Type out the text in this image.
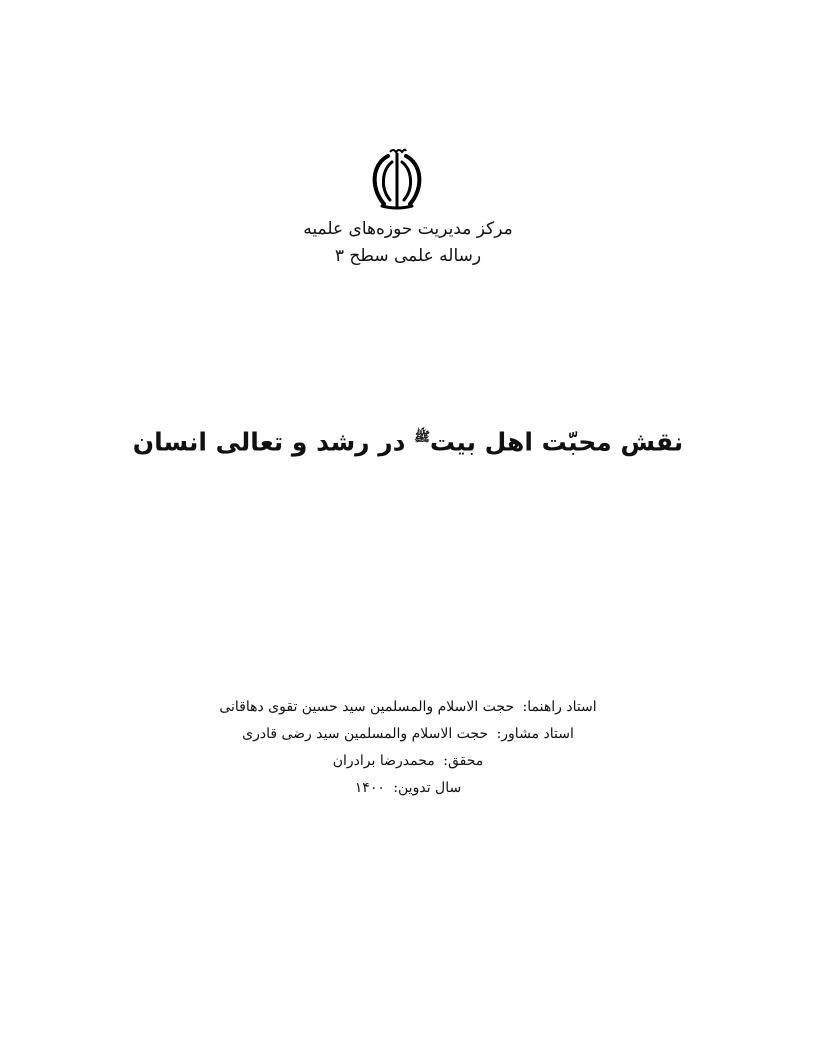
مرکز مدیریت حوزه‌های علمیه
رساله علمی سطح ۳
نقش محبّت اهل بیت$^ﷺ$ در رشد و تعالی انسان
استاد راهنما: حجت الاسلام والمسلمین سید حسین تقوی دهاقانی
استاد مشاور: حجت الاسلام والمسلمین سید رضی قادری
محقق: محمدرضا برادران
سال تدوین: ۱۴۰۰
